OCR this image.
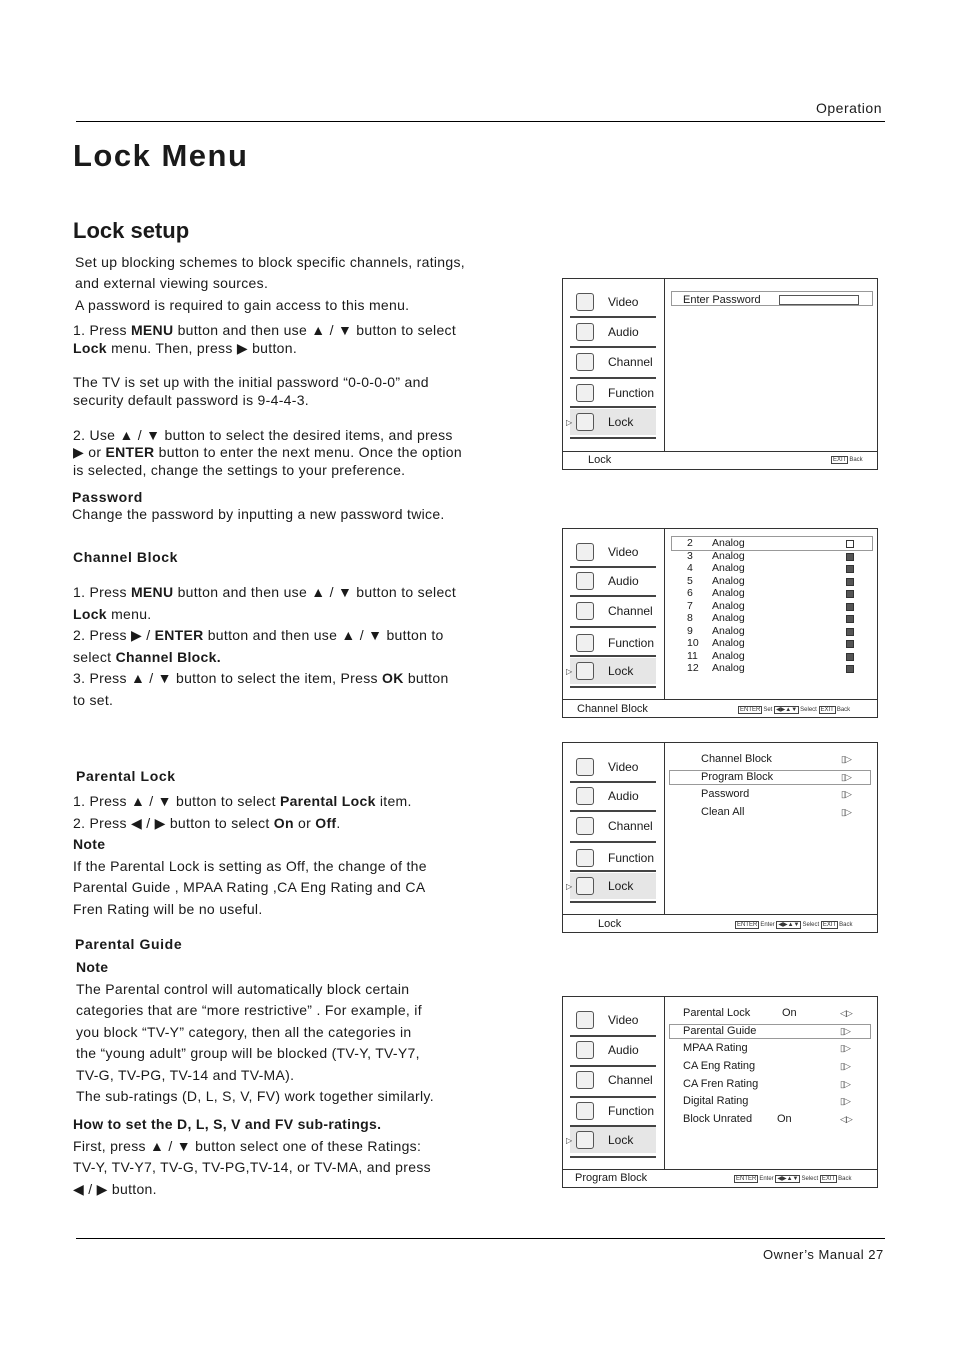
Operation
Lock Menu
Lock setup
Set up blocking schemes to block specific channels, ratings,
and external viewing sources.
A password is required to gain access to this menu.
1. Press MENU button and then use ▲ / ▼ button to select
Lock menu. Then, press ▶ button.
The TV is set up with the initial password “0-0-0-0” and
security default password is 9-4-4-3.
2. Use ▲ / ▼ button to select the desired items, and press
▶ or ENTER button to enter the next menu. Once the option
is selected, change the settings to your preference.
Password
Change the password by inputting a new password twice.
Channel Block
1. Press MENU button and then use ▲ / ▼ button to select
Lock menu.
2. Press ▶ / ENTER button and then use ▲ / ▼ button to
select Channel Block.
3. Press ▲ / ▼ button to select the item, Press OK button
to set.
Parental Lock
1. Press ▲ / ▼ button to select Parental Lock item.
2. Press ◀ / ▶ button to select On or Off.
Note
If the Parental Lock is setting as Off, the change of the
Parental Guide , MPAA Rating ,CA Eng Rating and CA
Fren Rating will be no useful.
Parental Guide
Note
The Parental control will automatically block certain
categories that are “more restrictive” . For example, if
you block “TV-Y” category, then all the categories in
the “young adult” group will be blocked (TV-Y, TV-Y7,
TV-G, TV-PG, TV-14 and TV-MA).
The sub-ratings (D, L, S, V, FV) work together similarly.
How to set the D, L, S, V and FV sub-ratings.
First, press ▲ / ▼ button select one of these Ratings:
TV-Y, TV-Y7, TV-G, TV-PG,TV-14, or TV-MA, and press
◀ / ▶ button.
Video
Audio
Channel
Function
▷	Lock
Enter Password
Lock	EXIT Back
Video
Audio
Channel
Function
▷	Lock
2 Analog
3 Analog
4 Analog
5 Analog
6 Analog
7 Analog
8 Analog
9 Analog
10 Analog
11 Analog
12 Analog
Channel Block	ENTER Set ◀▶▲▼ Select EXIT Back
Video
Audio
Channel
Function
▷	Lock
Channel Block	▯▷
Program Block	▯▷
Password	▯▷
Clean All	▯▷
Lock	ENTER Enter ◀▶▲▼ Select EXIT Back
Video
Audio
Channel
Function
▷	Lock
Parental Lock	On	◁▷
Parental Guide	▯▷
MPAA Rating	▯▷
CA Eng Rating	▯▷
CA Fren Rating	▯▷
Digital Rating	▯▷
Block Unrated On	◁▷
Program Block	ENTER Enter ◀▶▲▼ Select EXIT Back
Owner’s Manual 27
